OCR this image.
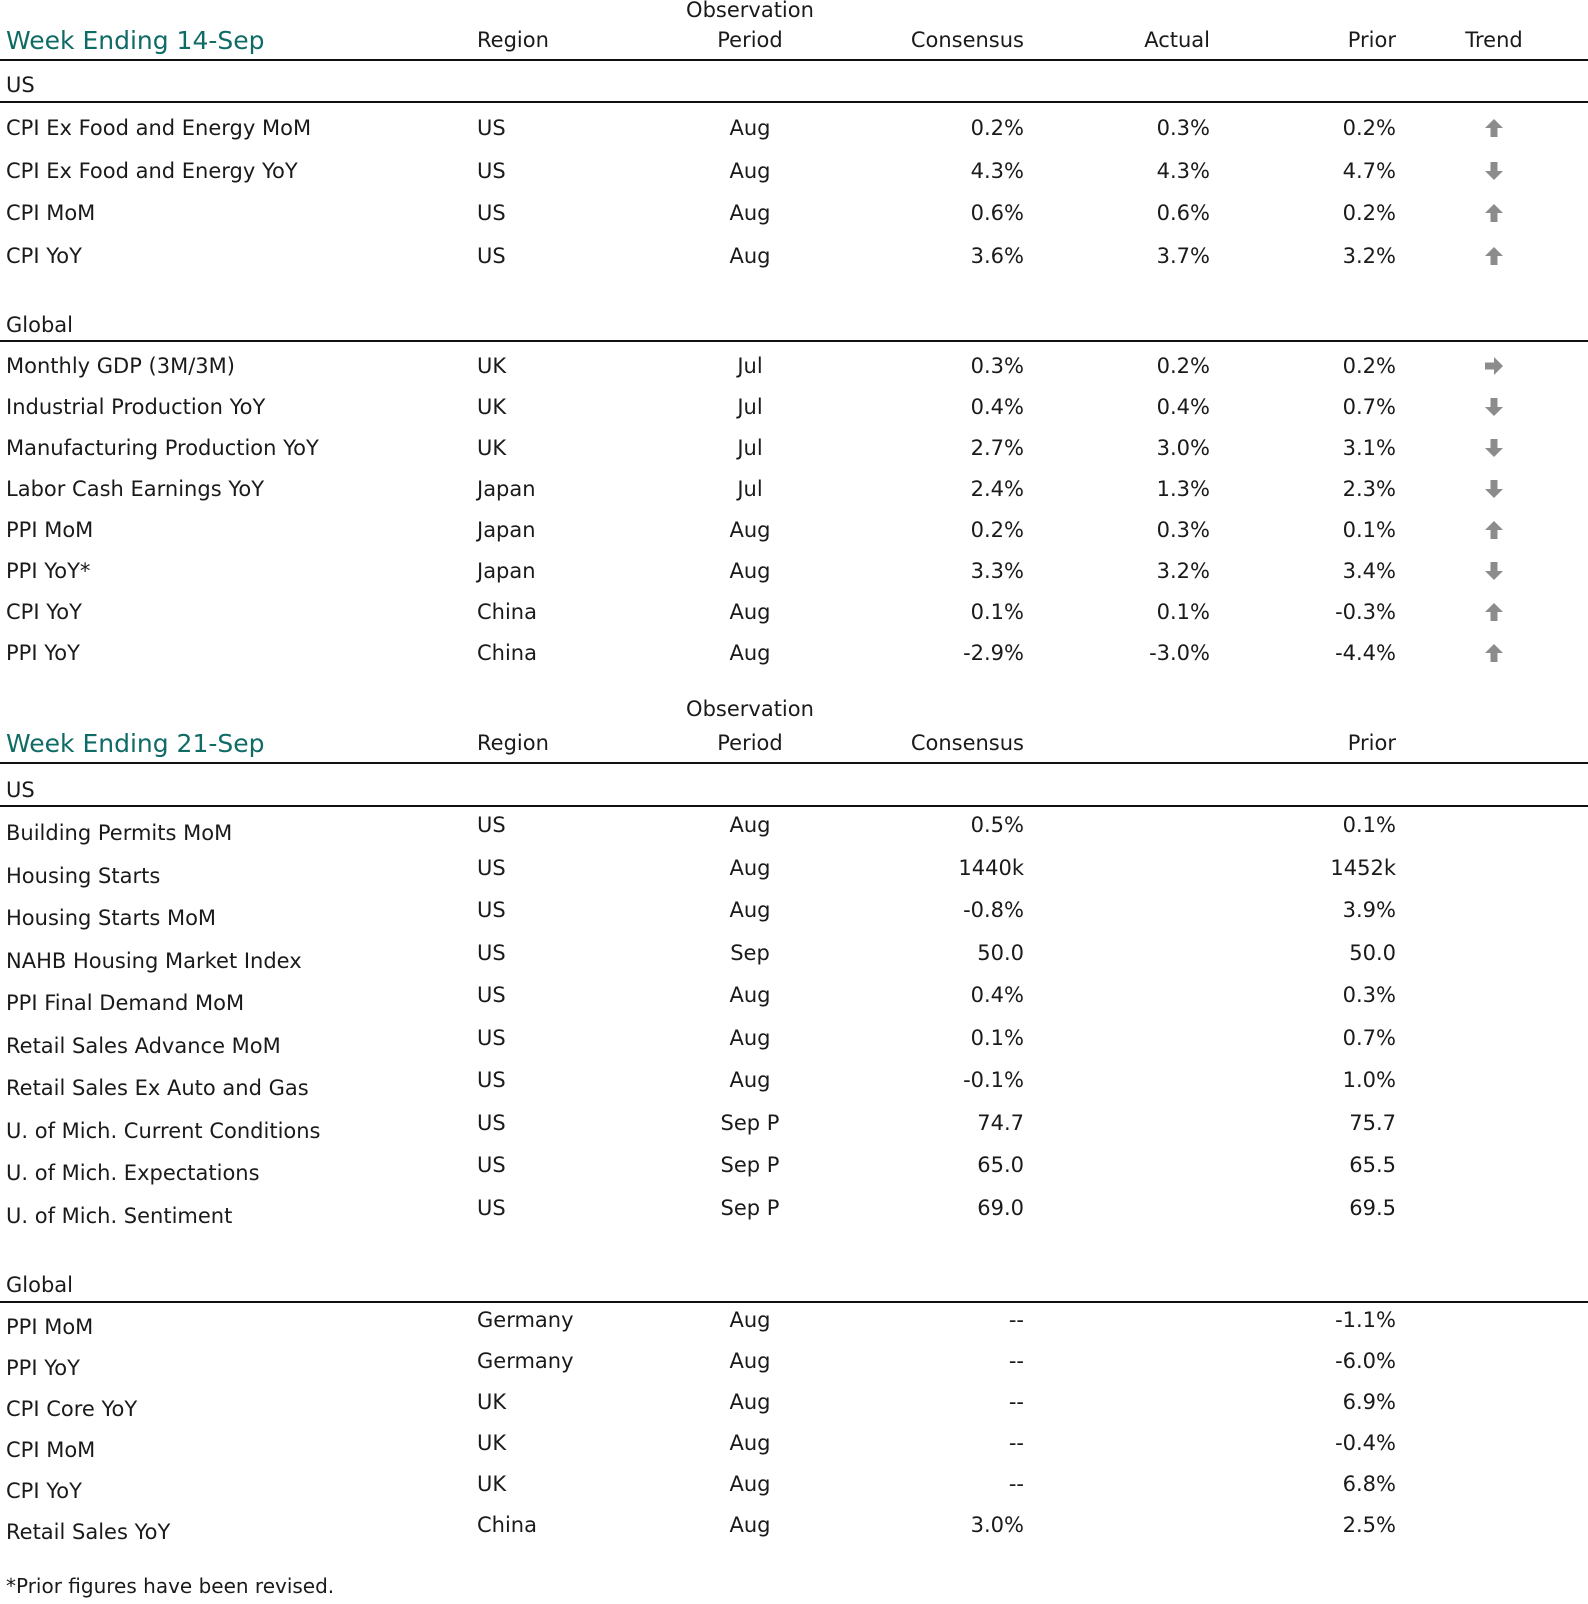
Week Ending 14-Sep	Region
Observation
Period	Consensus	Actual	Prior	Trend
US
CPI Ex Food and Energy MoM	US	Aug	0.2%	0.3%	0.2%
CPI Ex Food and Energy YoY	US	Aug	4.3%	4.3%	4.7%
CPI MoM	US	Aug	0.6%	0.6%	0.2%
CPI YoY	US	Aug	3.6%	3.7%	3.2%
Global
Monthly GDP (3M/3M)	UK	Jul	0.3%	0.2%	0.2%
Industrial Production YoY	UK	Jul	0.4%	0.4%	0.7%
Manufacturing Production YoY	UK	Jul	2.7%	3.0%	3.1%
Labor Cash Earnings YoY	Japan	Jul	2.4%	1.3%	2.3%
PPI MoM	Japan	Aug	0.2%	0.3%	0.1%
PPI YoY*	Japan	Aug	3.3%	3.2%	3.4%
CPI YoY	China	Aug	0.1%	0.1%	-0.3%
PPI YoY	China	Aug	-2.9%	-3.0%	-4.4%
Week Ending 21-Sep	Region
Observation
Period	Consensus	Prior
US
Building Permits MoM	US	Aug	0.5%	0.1%
Housing Starts	US	Aug	1440k	1452k
Housing Starts MoM	US	Aug	-0.8%	3.9%
NAHB Housing Market Index	US	Sep	50.0	50.0
PPI Final Demand MoM	US	Aug	0.4%	0.3%
Retail Sales Advance MoM	US	Aug	0.1%	0.7%
Retail Sales Ex Auto and Gas	US	Aug	-0.1%	1.0%
U. of Mich. Current Conditions	US	Sep P	74.7	75.7
U. of Mich. Expectations	US	Sep P	65.0	65.5
U. of Mich. Sentiment	US	Sep P	69.0	69.5
Global
PPI MoM	Germany	Aug	--	-1.1%
PPI YoY	Germany	Aug	--	-6.0%
CPI Core YoY	UK	Aug	--	6.9%
CPI MoM	UK	Aug	--	-0.4%
CPI YoY	UK	Aug	--	6.8%
Retail Sales YoY	China	Aug	3.0%	2.5%
*Prior figures have been revised.
